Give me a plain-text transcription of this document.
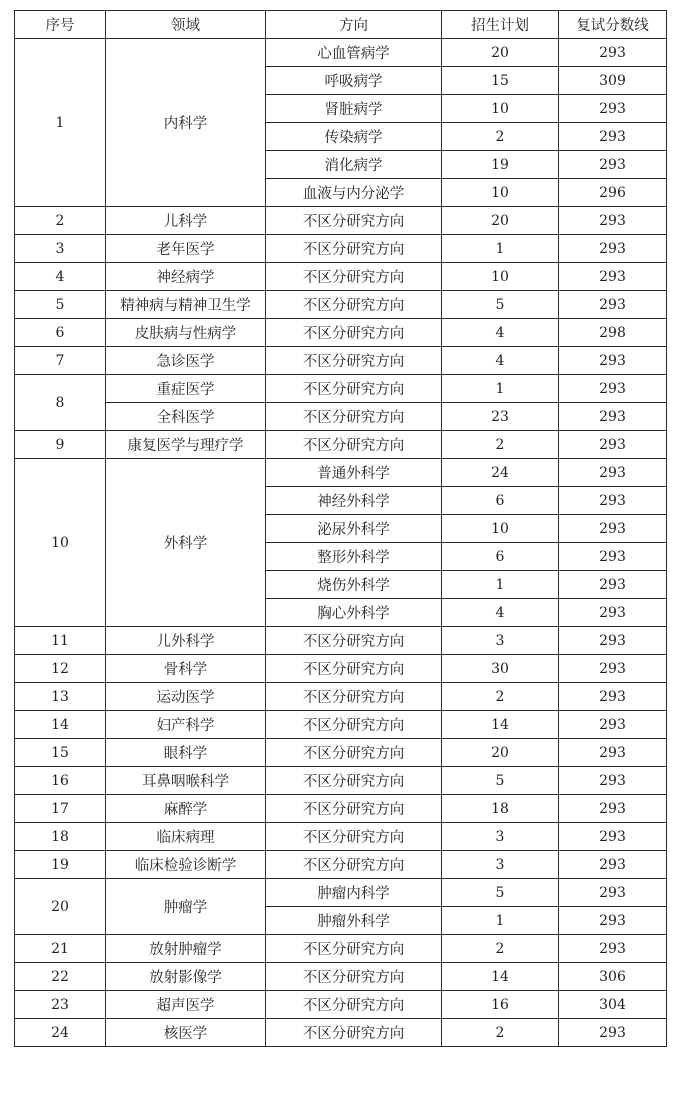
序号	领域	方向	招生计划	复试分数线
1	内科学	心血管病学	20	293
		呼吸病学	15	309
		肾脏病学	10	293
		传染病学	2	293
		消化病学	19	293
		血液与内分泌学	10	296
2	儿科学	不区分研究方向	20	293
3	老年医学	不区分研究方向	1	293
4	神经病学	不区分研究方向	10	293
5	精神病与精神卫生学	不区分研究方向	5	293
6	皮肤病与性病学	不区分研究方向	4	298
7	急诊医学	不区分研究方向	4	293
8	重症医学	不区分研究方向	1	293
	全科医学	不区分研究方向	23	293
9	康复医学与理疗学	不区分研究方向	2	293
10	外科学	普通外科学	24	293
		神经外科学	6	293
		泌尿外科学	10	293
		整形外科学	6	293
		烧伤外科学	1	293
		胸心外科学	4	293
11	儿外科学	不区分研究方向	3	293
12	骨科学	不区分研究方向	30	293
13	运动医学	不区分研究方向	2	293
14	妇产科学	不区分研究方向	14	293
15	眼科学	不区分研究方向	20	293
16	耳鼻咽喉科学	不区分研究方向	5	293
17	麻醉学	不区分研究方向	18	293
18	临床病理	不区分研究方向	3	293
19	临床检验诊断学	不区分研究方向	3	293
20	肿瘤学	肿瘤内科学	5	293
		肿瘤外科学	1	293
21	放射肿瘤学	不区分研究方向	2	293
22	放射影像学	不区分研究方向	14	306
23	超声医学	不区分研究方向	16	304
24	核医学	不区分研究方向	2	293
